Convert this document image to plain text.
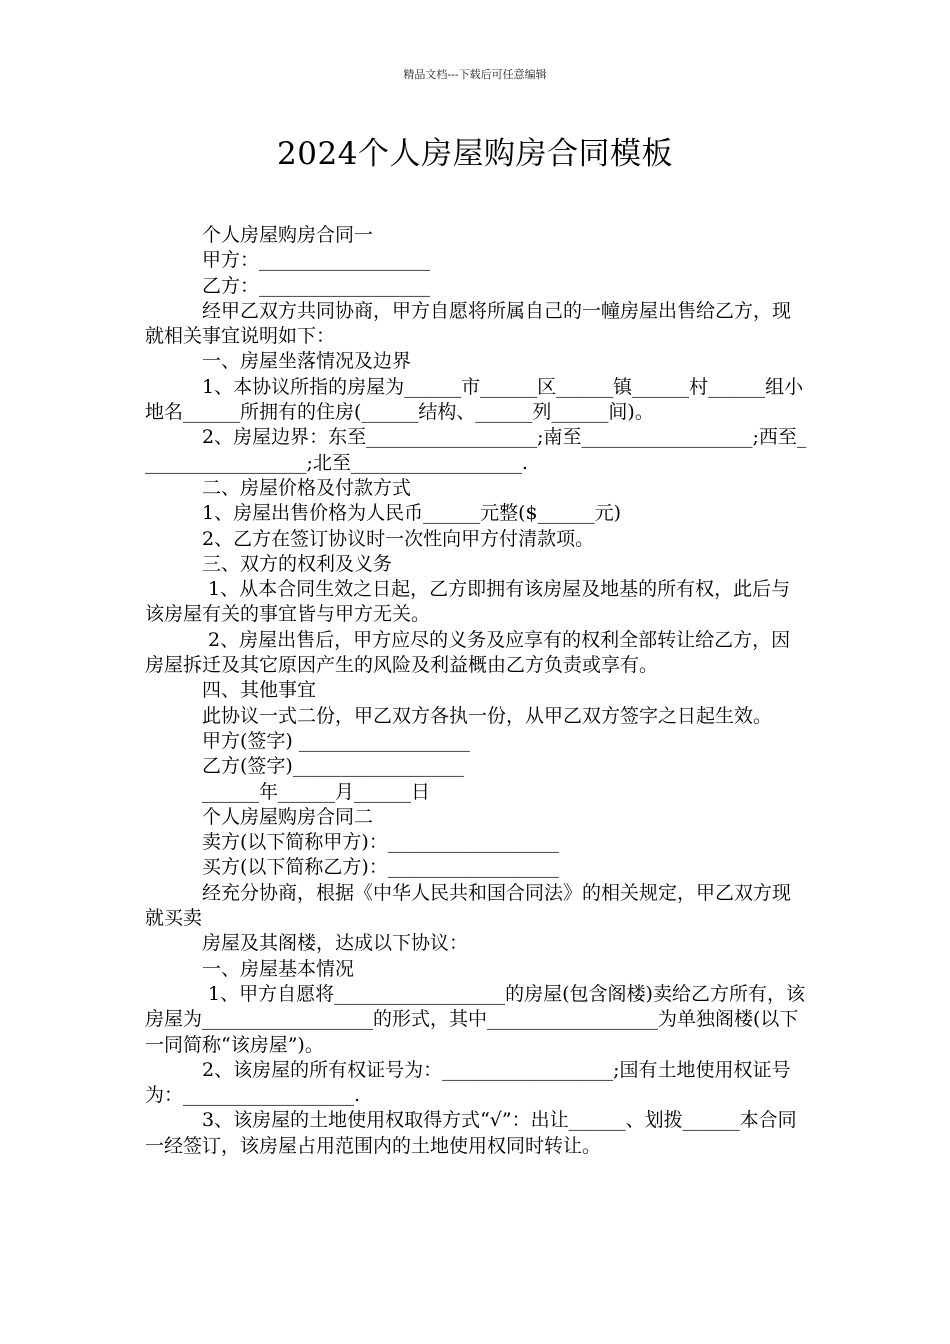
精品文档---下载后可任意编辑
2024个人房屋购房合同模板

个人房屋购房合同一

甲方：__________________

乙方：__________________

经甲乙双方共同协商，甲方自愿将所属自己的一幢房屋出售给乙方，现就相关事宜说明如下：

一、房屋坐落情况及边界

1、本协议所指的房屋为______市______区______镇______村______组小地名______所拥有的住房(______结构、______列______间)。

2、房屋边界：东至__________________;南至__________________;西至__________________;北至__________________.

二、房屋价格及付款方式

1、房屋出售价格为人民币______元整($______元)

2、乙方在签订协议时一次性向甲方付清款项。

三、双方的权利及义务

1、从本合同生效之日起，乙方即拥有该房屋及地基的所有权，此后与该房屋有关的事宜皆与甲方无关。

2、房屋出售后，甲方应尽的义务及应享有的权利全部转让给乙方，因房屋拆迁及其它原因产生的风险及利益概由乙方负责或享有。

四、其他事宜

此协议一式二份，甲乙双方各执一份，从甲乙双方签字之日起生效。

甲方(签字) __________________

乙方(签字)__________________

______年______月______日

个人房屋购房合同二

卖方(以下简称甲方)：__________________

买方(以下简称乙方)：__________________

经充分协商，根据《中华人民共和国合同法》的相关规定，甲乙双方现就买卖

房屋及其阁楼，达成以下协议：

一、房屋基本情况

1、甲方自愿将__________________的房屋(包含阁楼)卖给乙方所有，该房屋为__________________的形式，其中__________________为单独阁楼(以下一同简称“该房屋”)。

2、该房屋的所有权证号为：__________________;国有土地使用权证号为：__________________.

3、该房屋的土地使用权取得方式“√”：出让______、划拨______本合同一经签订，该房屋占用范围内的土地使用权同时转让。
